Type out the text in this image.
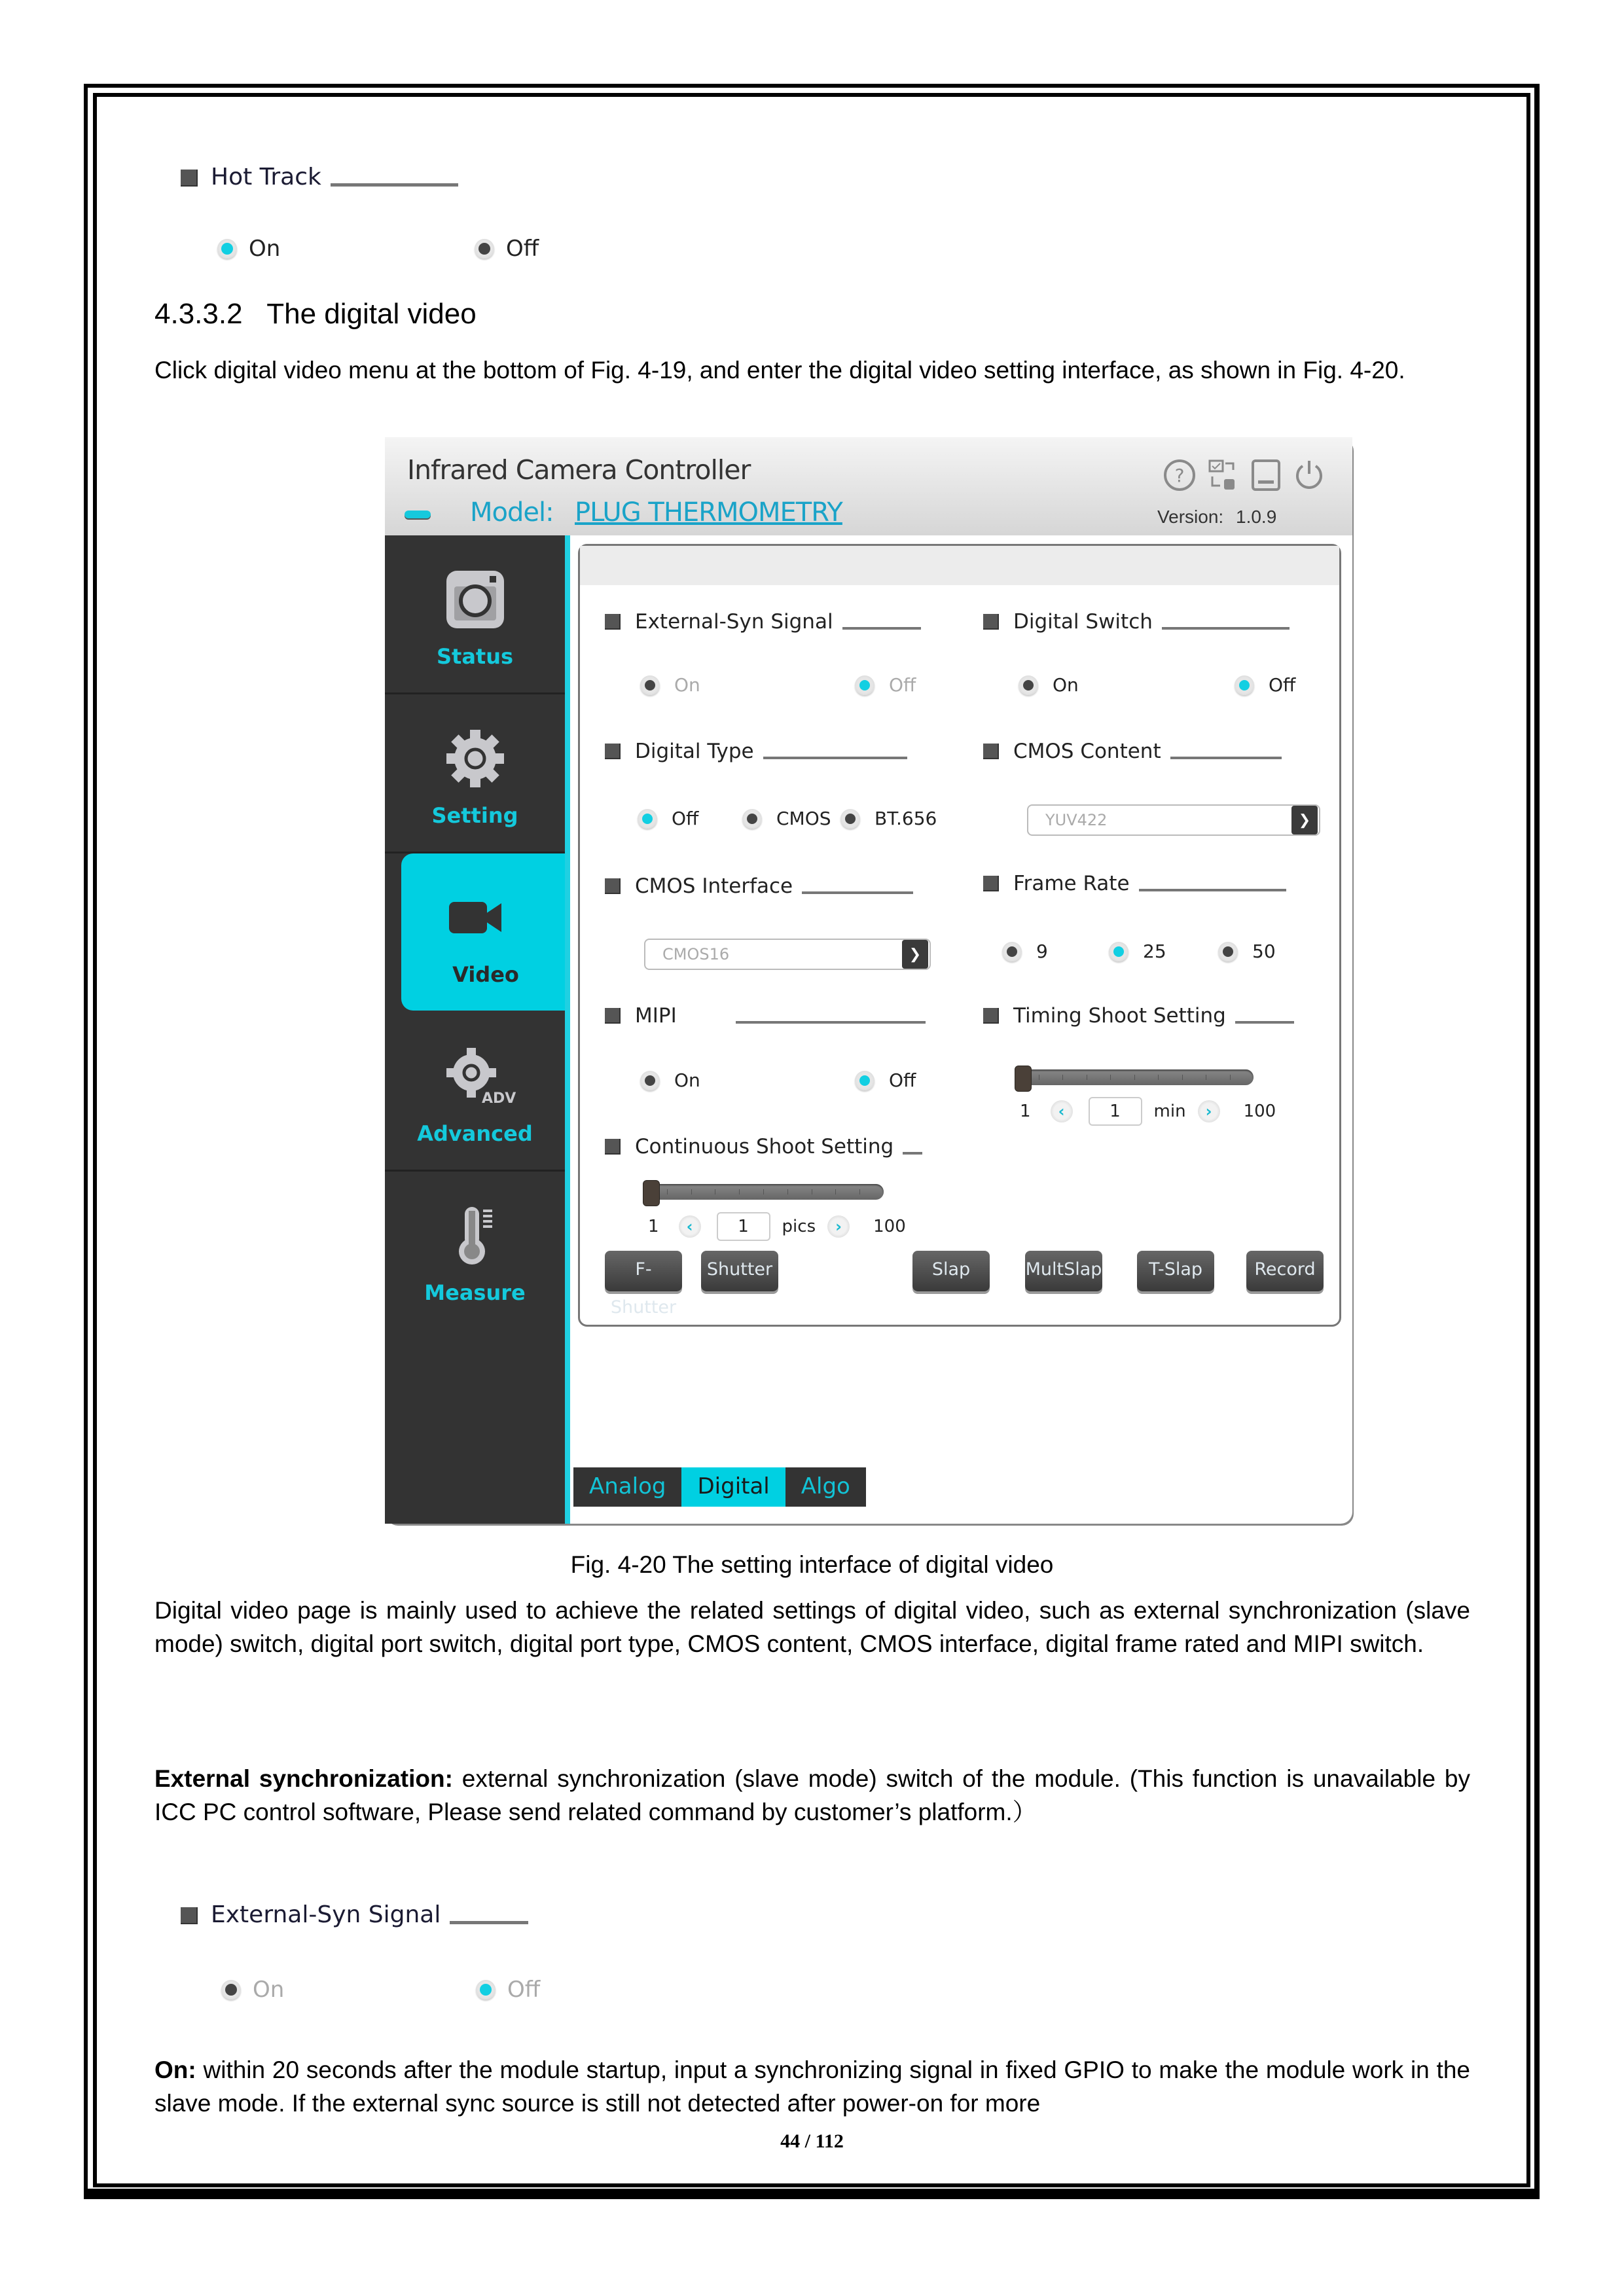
Hot Track
On	Off
4.3.3.2 The digital video
Click digital video menu at the bottom of Fig. 4-19, and enter the digital video setting interface, as shown in Fig. 4-20.
Infrared Camera Controller
Model: PLUG THERMOMETRY
?
Version: 1.0.9
Status
Setting
Video
ADV
Advanced
Measure
External-Syn Signal
On	Off
Digital Switch
On	Off
Digital Type
Off	CMOS BT.656
CMOS Content
YUV422	❯
CMOS Interface
CMOS16	❯
Frame Rate
9	25	50
MIPI
On	Off
Timing Shoot Setting
1	‹	1	min	›	100
Continuous Shoot Setting
1	‹	1	pics	›	100
F-Shutter
Shutter	Slap	MultSlap	T-Slap	Record
Analog	Digital	Algo
Fig. 4-20 The setting interface of digital video
Digital video page is mainly used to achieve the related settings of digital video, such as external synchronization (slave mode) switch, digital port switch, digital port type, CMOS content, CMOS interface, digital frame rated and MIPI switch.
External synchronization: external synchronization (slave mode) switch of the module. (This function is unavailable by ICC PC control software, Please send related command by customer’s platform.）
External-Syn Signal
On	Off
On: within 20 seconds after the module startup, input a synchronizing signal in fixed GPIO to make the module work in the slave mode. If the external sync source is still not detected after power-on for more
44 / 112
